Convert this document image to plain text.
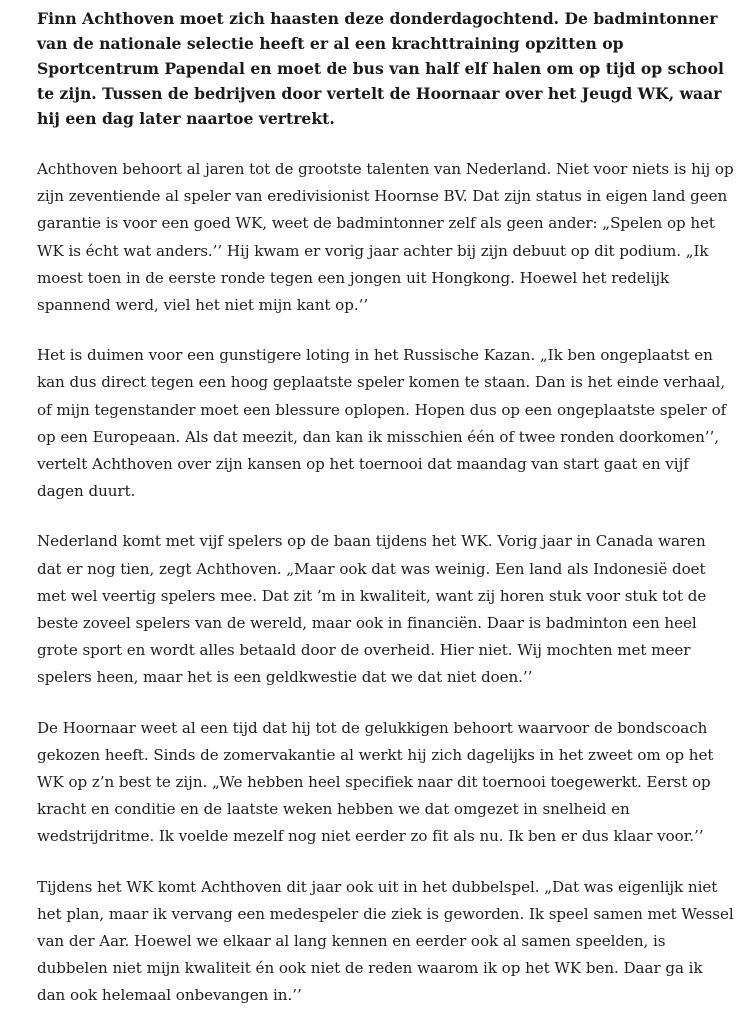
Finn Achthoven moet zich haasten deze donderdagochtend. De badmintonner van de nationale selectie heeft er al een krachttraining opzitten op Sportcentrum Papendal en moet de bus van half elf halen om op tijd op school te zijn. Tussen de bedrijven door vertelt de Hoornaar over het Jeugd WK, waar hij een dag later naartoe vertrekt.

Achthoven behoort al jaren tot de grootste talenten van Nederland. Niet voor niets is hij op zijn zeventiende al speler van eredivisionist Hoornse BV. Dat zijn status in eigen land geen garantie is voor een goed WK, weet de badmintonner zelf als geen ander: „Spelen op het WK is écht wat anders.’’ Hij kwam er vorig jaar achter bij zijn debuut op dit podium. „Ik moest toen in de eerste ronde tegen een jongen uit Hongkong. Hoewel het redelijk spannend werd, viel het niet mijn kant op.’’

Het is duimen voor een gunstigere loting in het Russische Kazan. „Ik ben ongeplaatst en kan dus direct tegen een hoog geplaatste speler komen te staan. Dan is het einde verhaal, of mijn tegenstander moet een blessure oplopen. Hopen dus op een ongeplaatste speler of op een Europeaan. Als dat meezit, dan kan ik misschien één of twee ronden doorkomen’’, vertelt Achthoven over zijn kansen op het toernooi dat maandag van start gaat en vijf dagen duurt.

Nederland komt met vijf spelers op de baan tijdens het WK. Vorig jaar in Canada waren dat er nog tien, zegt Achthoven. „Maar ook dat was weinig. Een land als Indonesië doet met wel veertig spelers mee. Dat zit ’m in kwaliteit, want zij horen stuk voor stuk tot de beste zoveel spelers van de wereld, maar ook in financiën. Daar is badminton een heel grote sport en wordt alles betaald door de overheid. Hier niet. Wij mochten met meer spelers heen, maar het is een geldkwestie dat we dat niet doen.’’

De Hoornaar weet al een tijd dat hij tot de gelukkigen behoort waarvoor de bondscoach gekozen heeft. Sinds de zomervakantie al werkt hij zich dagelijks in het zweet om op het WK op z’n best te zijn. „We hebben heel specifiek naar dit toernooi toegewerkt. Eerst op kracht en conditie en de laatste weken hebben we dat omgezet in snelheid en wedstrijdritme. Ik voelde mezelf nog niet eerder zo fit als nu. Ik ben er dus klaar voor.’’

Tijdens het WK komt Achthoven dit jaar ook uit in het dubbelspel. „Dat was eigenlijk niet het plan, maar ik vervang een medespeler die ziek is geworden. Ik speel samen met Wessel van der Aar. Hoewel we elkaar al lang kennen en eerder ook al samen speelden, is dubbelen niet mijn kwaliteit én ook niet de reden waarom ik op het WK ben. Daar ga ik dan ook helemaal onbevangen in.’’
